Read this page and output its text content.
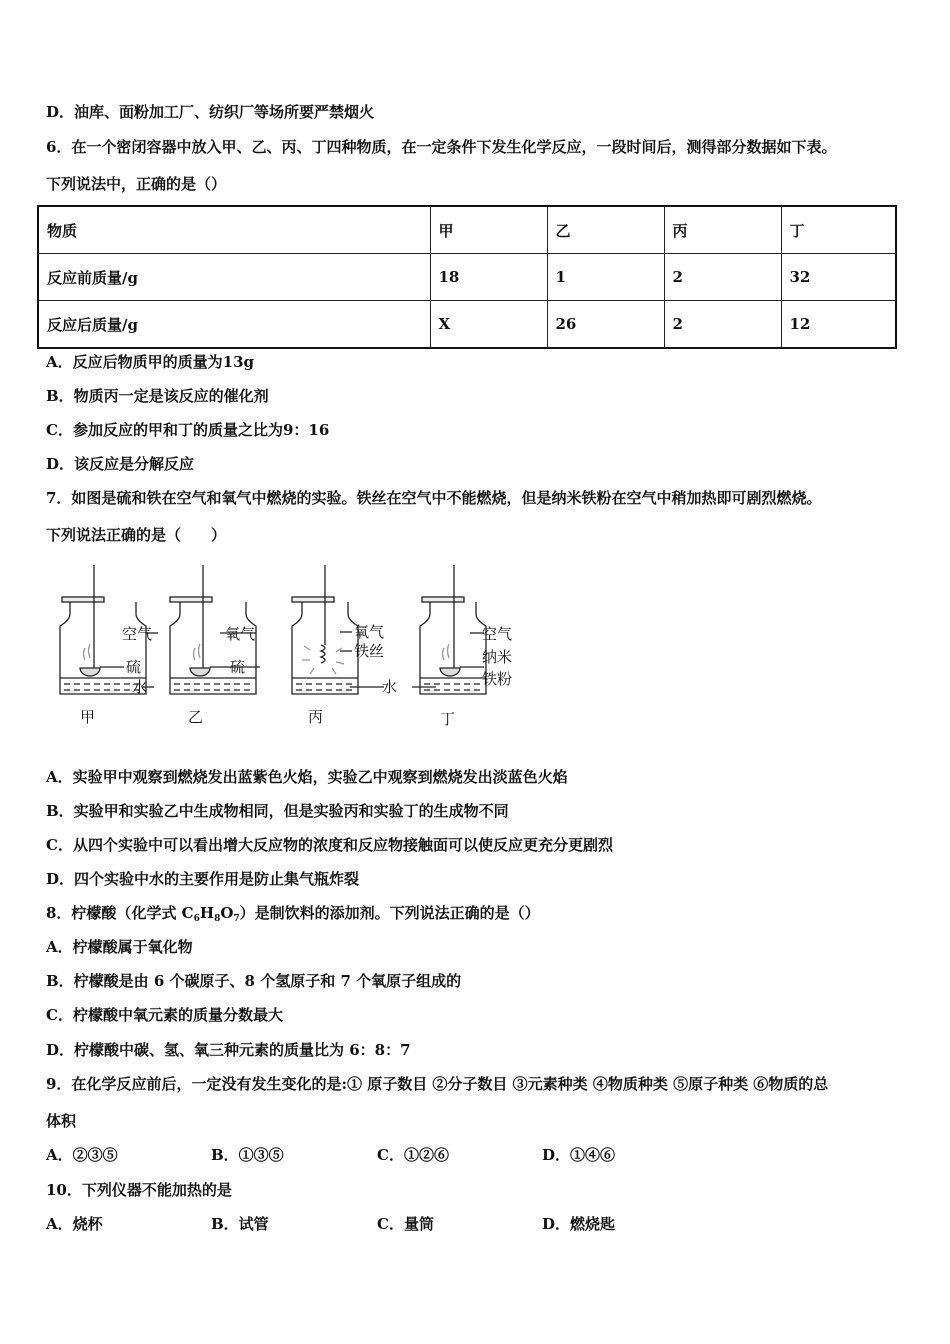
D．油库、面粉加工厂、纺织厂等场所要严禁烟火
6．在一个密闭容器中放入甲、乙、丙、丁四种物质，在一定条件下发生化学反应，一段时间后，测得部分数据如下表。
下列说法中，正确的是（）
物质	甲	乙	丙	丁
反应前质量/g	18	1	2	32
反应后质量/g	X	26	2	12
A．反应后物质甲的质量为13g
B．物质丙一定是该反应的催化剂
C．参加反应的甲和丁的质量之比为9：16
D．该反应是分解反应
7．如图是硫和铁在空气和氧气中燃烧的实验。铁丝在空气中不能燃烧，但是纳米铁粉在空气中稍加热即可剧烈燃烧。
下列说法正确的是（　　）
空气
硫
甲
氧气
硫
乙
水
氧气
铁丝
丙
水
空气
纳米
铁粉
丁
A．实验甲中观察到燃烧发出蓝紫色火焰，实验乙中观察到燃烧发出淡蓝色火焰
B．实验甲和实验乙中生成物相同，但是实验丙和实验丁的生成物不同
C．从四个实验中可以看出增大反应物的浓度和反应物接触面可以使反应更充分更剧烈
D．四个实验中水的主要作用是防止集气瓶炸裂
8．柠檬酸（化学式 $C_6H_8O_7$）是制饮料的添加剂。下列说法正确的是（）
A．柠檬酸属于氧化物
B．柠檬酸是由 6 个碳原子、8 个氢原子和 7 个氧原子组成的
C．柠檬酸中氧元素的质量分数最大
D．柠檬酸中碳、氢、氧三种元素的质量比为 6：8：7
9．在化学反应前后，一定没有发生变化的是:① 原子数目 ②分子数目 ③元素种类 ④物质种类 ⑤原子种类 ⑥物质的总
体积
A．②③⑤	B．①③⑤	C．①②⑥	D．①④⑥
10．下列仪器不能加热的是
A．烧杯	B．试管	C．量筒	D．燃烧匙
